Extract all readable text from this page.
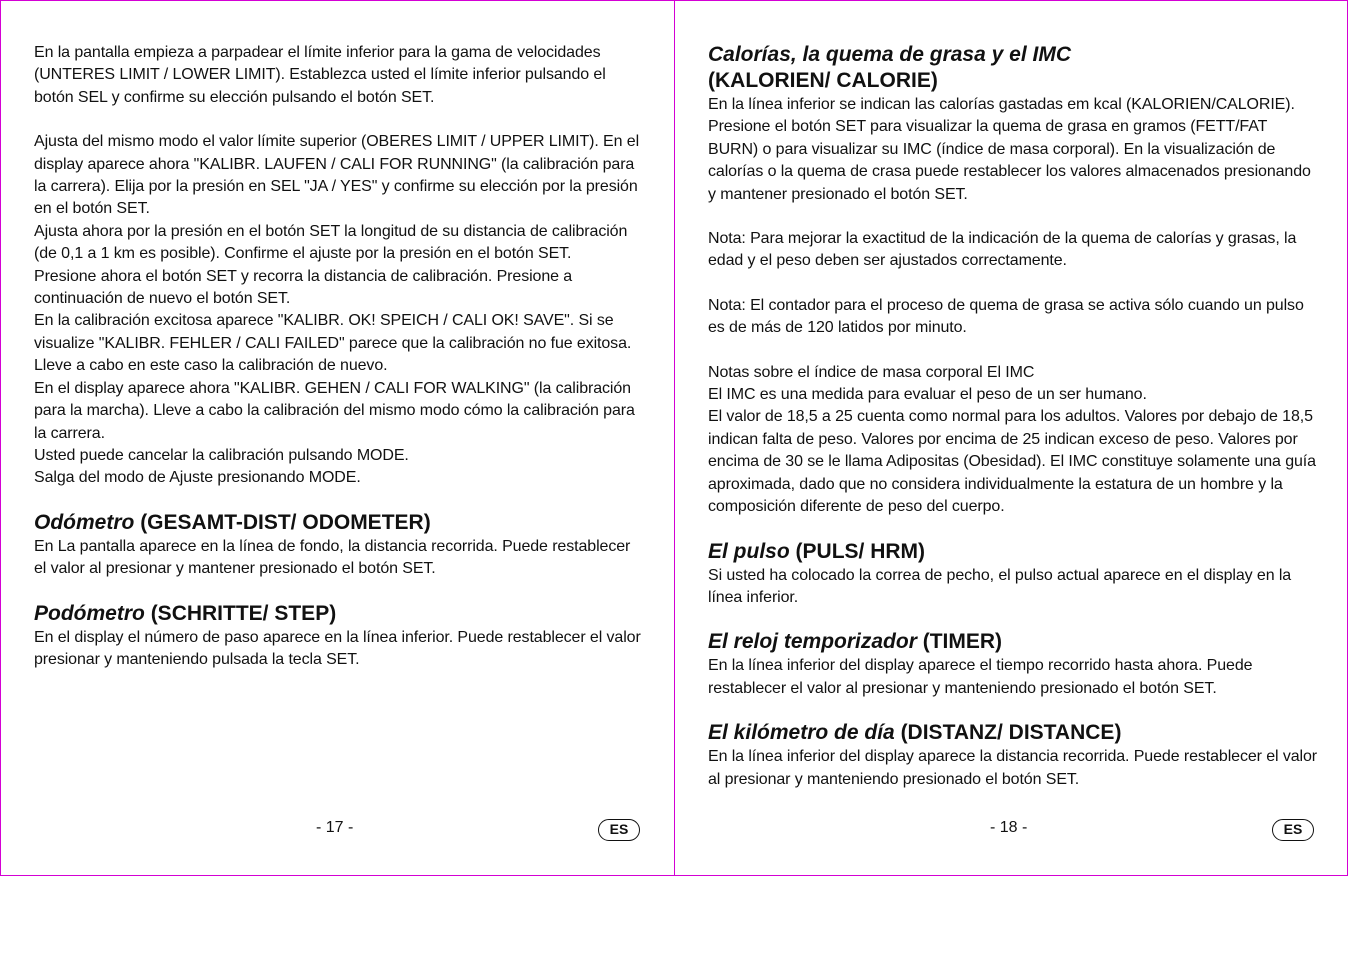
En la pantalla empieza a parpadear el límite inferior para la gama de velocidades (UNTERES LIMIT / LOWER LIMIT). Establezca usted el límite inferior pulsando el botón SEL y confirme su elección pulsando el botón SET.

Ajusta del mismo modo el valor límite superior (OBERES LIMIT / UPPER LIMIT). En el display aparece ahora "KALIBR. LAUFEN / CALI FOR RUNNING" (la calibración para la carrera). Elija por la presión en SEL "JA / YES" y confirme su elección por la presión en el botón SET.

Ajusta ahora por la presión en el botón SET la longitud de su distancia de calibración (de 0,1 a 1 km es posible). Confirme el ajuste por la presión en el botón SET.

Presione ahora el botón SET y recorra la distancia de calibración. Presione a continuación de nuevo el botón SET.

En la calibración excitosa aparece "KALIBR. OK! SPEICH / CALI OK! SAVE". Si se visualize "KALIBR. FEHLER / CALI FAILED" parece que la calibración no fue exitosa. Lleve a cabo en este caso la calibración de nuevo.

En el display aparece ahora "KALIBR. GEHEN / CALI FOR WALKING" (la calibración para la marcha). Lleve a cabo la calibración del mismo modo cómo la calibración para la carrera.

Usted puede cancelar la calibración pulsando MODE.

Salga del modo de Ajuste presionando MODE.

Odómetro (GESAMT-DIST/ ODOMETER)

En La pantalla aparece en la línea de fondo, la distancia recorrida. Puede restablecer el valor al presionar y mantener presionado el botón SET.

Podómetro (SCHRITTE/ STEP)

En el display el número de paso aparece en la línea inferior. Puede restablecer el valor presionar y manteniendo pulsada la tecla SET.

- 17 -	ES
Calorías, la quema de grasa y el IMC
(KALORIEN/ CALORIE)

En la línea inferior se indican las calorías gastadas em kcal (KALORIEN/CALORIE). Presione el botón SET para visualizar la quema de grasa en gramos (FETT/FAT BURN) o para visualizar su IMC (índice de masa corporal). En la visualización de calorías o la quema de crasa puede restablecer los valores almacenados presionando y mantener presionado el botón SET.

Nota: Para mejorar la exactitud de la indicación de la quema de calorías y grasas, la edad y el peso deben ser ajustados correctamente.

Nota: El contador para el proceso de quema de grasa se activa sólo cuando un pulso es de más de 120 latidos por minuto.

Notas sobre el índice de masa corporal El IMC

El IMC es una medida para evaluar el peso de un ser humano.

El valor de 18,5 a 25 cuenta como normal para los adultos. Valores por debajo de 18,5 indican falta de peso. Valores por encima de 25 indican exceso de peso. Valores por encima de 30 se le llama Adipositas (Obesidad). El IMC constituye solamente una guía aproximada, dado que no considera individualmente la estatura de un hombre y la composición diferente de peso del cuerpo.

El pulso (PULS/ HRM)

Si usted ha colocado la correa de pecho, el pulso actual aparece en el display en la línea inferior.

El reloj temporizador (TIMER)

En la línea inferior del display aparece el tiempo recorrido hasta ahora. Puede restablecer el valor al presionar y manteniendo presionado el botón SET.

El kilómetro de día (DISTANZ/ DISTANCE)

En la línea inferior del display aparece la distancia recorrida. Puede restablecer el valor al presionar y manteniendo presionado el botón SET.

- 18 -	ES
